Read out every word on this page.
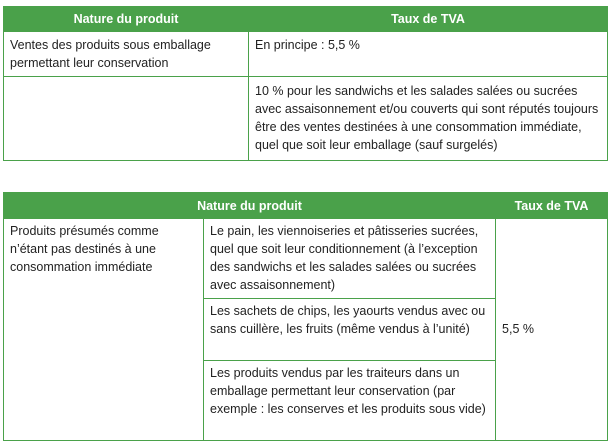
Nature du produit	Taux de TVA
Ventes des produits sous emballage permettant leur conservation	En principe : 5,5 %
	10 % pour les sandwichs et les salades salées ou sucrées avec assaisonnement et/ou couverts qui sont réputés toujours être des ventes destinées à une consommation immédiate, quel que soit leur emballage (sauf surgelés)
Nature du produit		Taux de TVA
Produits présumés comme n’étant pas destinés à une consommation immédiate	Le pain, les viennoiseries et pâtisseries sucrées, quel que soit leur conditionnement (à l’exception des sandwichs et les salades salées ou sucrées avec assaisonnement)	5,5 %
	Les sachets de chips, les yaourts vendus avec ou sans cuillère, les fruits (même vendus à l’unité)	
	Les produits vendus par les traiteurs dans un emballage permettant leur conservation (par exemple : les conserves et les produits sous vide)	
